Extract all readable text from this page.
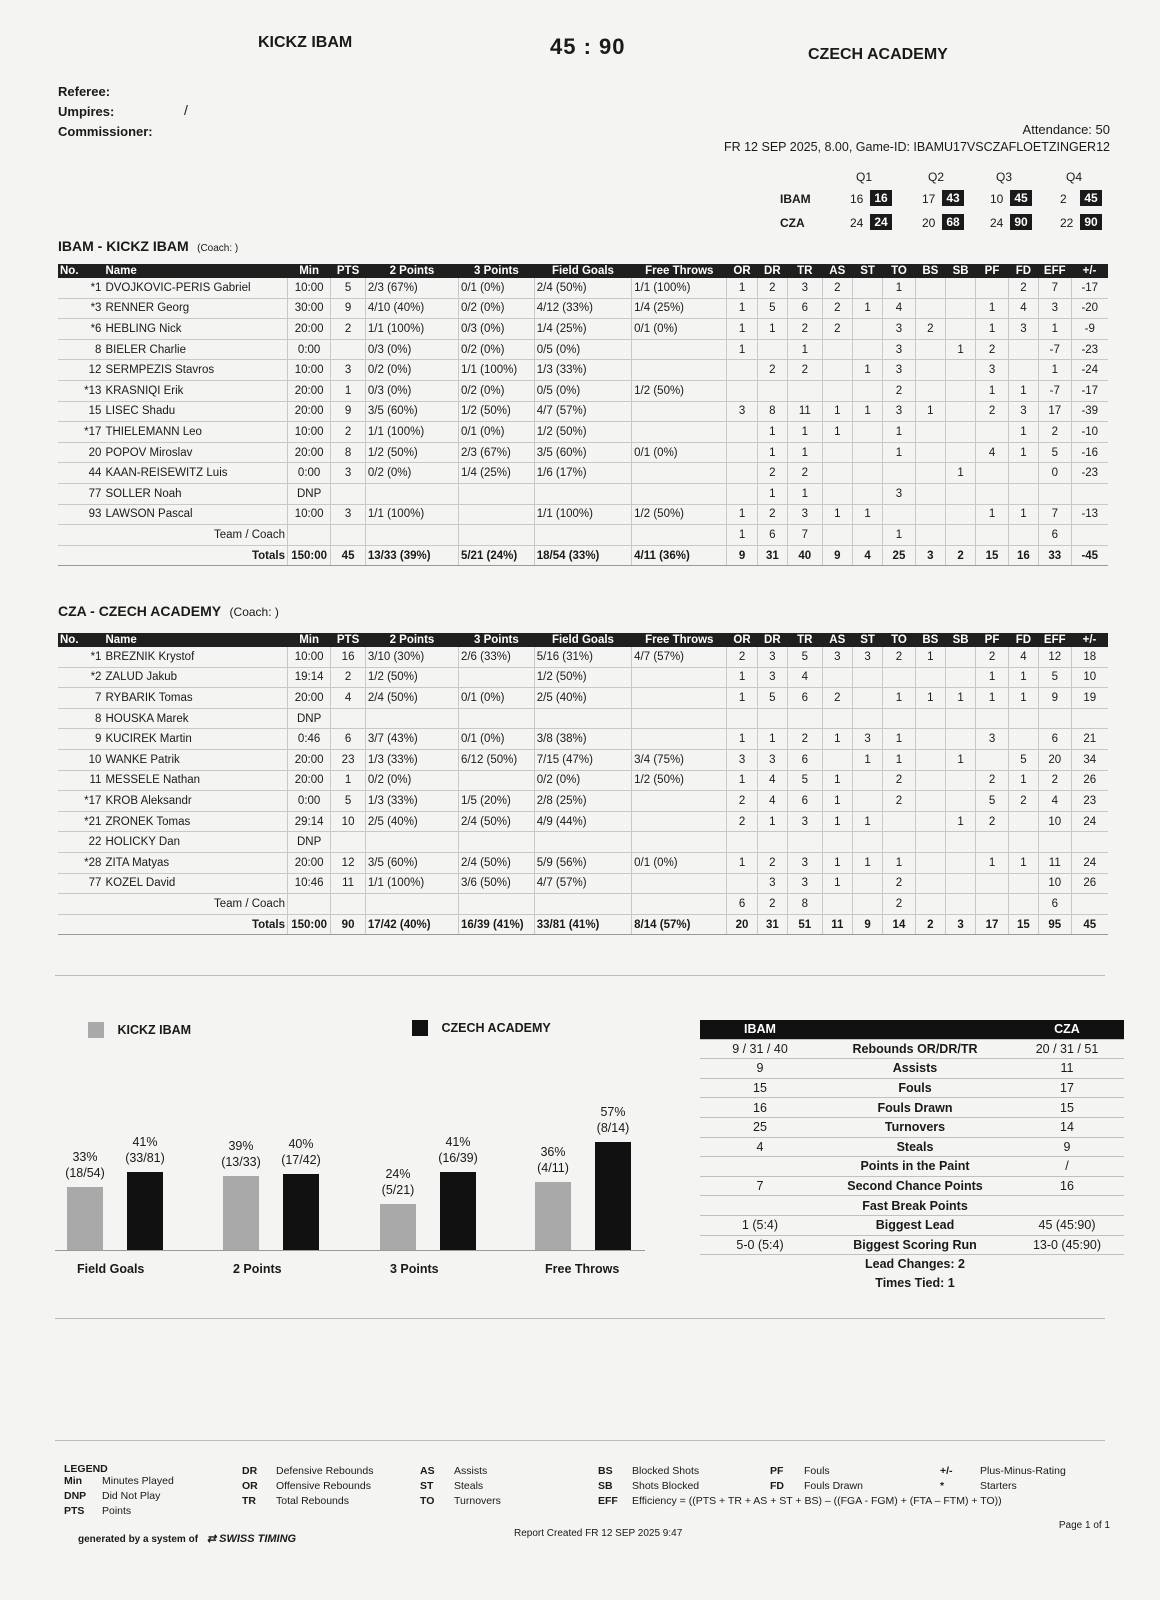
KICKZ IBAM	45 : 90	CZECH ACADEMY
Referee:
Umpires:	/
Commissioner:	Attendance: 50
FR 12 SEP 2025, 8.00, Game-ID: IBAMU17VSCZAFLOETZINGER12
Q1	Q2	Q3	Q4
IBAM	16 16	17 43	10 45	2	45
CZA	24 24	20 68	24 90	22 90
IBAM - KICKZ IBAM (Coach: )
No.	Name	Min	PTS	2 Points	3 Points	Field Goals	Free Throws	OR	DR	TR	AS	ST	TO	BS	SB	PF	FD	EFF	+/-
*1	DVOJKOVIC-PERIS Gabriel	10:00	5	2/3 (67%)	0/1 (0%)	2/4 (50%)	1/1 (100%)	1	2	3	2		1				2	7	-17
*3	RENNER Georg	30:00	9	4/10 (40%)	0/2 (0%)	4/12 (33%)	1/4 (25%)	1	5	6	2	1	4			1	4	3	-20
*6	HEBLING Nick	20:00	2	1/1 (100%)	0/3 (0%)	1/4 (25%)	0/1 (0%)	1	1	2	2		3	2		1	3	1	-9
8	BIELER Charlie	0:00		0/3 (0%)	0/2 (0%)	0/5 (0%)		1		1			3		1	2		-7	-23
12	SERMPEZIS Stavros	10:00	3	0/2 (0%)	1/1 (100%)	1/3 (33%)			2	2		1	3			3		1	-24
*13	KRASNIQI Erik	20:00	1	0/3 (0%)	0/2 (0%)	0/5 (0%)	1/2 (50%)						2			1	1	-7	-17
15	LISEC Shadu	20:00	9	3/5 (60%)	1/2 (50%)	4/7 (57%)		3	8	11	1	1	3	1		2	3	17	-39
*17	THIELEMANN Leo	10:00	2	1/1 (100%)	0/1 (0%)	1/2 (50%)			1	1	1		1				1	2	-10
20	POPOV Miroslav	20:00	8	1/2 (50%)	2/3 (67%)	3/5 (60%)	0/1 (0%)		1	1			1			4	1	5	-16
44	KAAN-REISEWITZ Luis	0:00	3	0/2 (0%)	1/4 (25%)	1/6 (17%)			2	2					1			0	-23
77	SOLLER Noah	DNP							1	1			3						
93	LAWSON Pascal	10:00	3	1/1 (100%)		1/1 (100%)	1/2 (50%)	1	2	3	1	1				1	1	7	-13
	Team / Coach							1	6	7			1					6	
	Totals	150:00	45	13/33 (39%)	5/21 (24%)	18/54 (33%)	4/11 (36%)	9	31	40	9	4	25	3	2	15	16	33	-45
CZA - CZECH ACADEMY (Coach: )
No.	Name	Min	PTS	2 Points	3 Points	Field Goals	Free Throws	OR	DR	TR	AS	ST	TO	BS	SB	PF	FD	EFF	+/-
*1	BREZNIK Krystof	10:00	16	3/10 (30%)	2/6 (33%)	5/16 (31%)	4/7 (57%)	2	3	5	3	3	2	1		2	4	12	18
*2	ZALUD Jakub	19:14	2	1/2 (50%)		1/2 (50%)		1	3	4						1	1	5	10
7	RYBARIK Tomas	20:00	4	2/4 (50%)	0/1 (0%)	2/5 (40%)		1	5	6	2		1	1	1	1	1	9	19
8	HOUSKA Marek	DNP																	
9	KUCIREK Martin	0:46	6	3/7 (43%)	0/1 (0%)	3/8 (38%)		1	1	2	1	3	1			3		6	21
10	WANKE Patrik	20:00	23	1/3 (33%)	6/12 (50%)	7/15 (47%)	3/4 (75%)	3	3	6		1	1		1		5	20	34
11	MESSELE Nathan	20:00	1	0/2 (0%)		0/2 (0%)	1/2 (50%)	1	4	5	1		2			2	1	2	26
*17	KROB Aleksandr	0:00	5	1/3 (33%)	1/5 (20%)	2/8 (25%)		2	4	6	1		2			5	2	4	23
*21	ZRONEK Tomas	29:14	10	2/5 (40%)	2/4 (50%)	4/9 (44%)		2	1	3	1	1			1	2		10	24
22	HOLICKY Dan	DNP																	
*28	ZITA Matyas	20:00	12	3/5 (60%)	2/4 (50%)	5/9 (56%)	0/1 (0%)	1	2	3	1	1	1			1	1	11	24
77	KOZEL David	10:46	11	1/1 (100%)	3/6 (50%)	4/7 (57%)			3	3	1		2					10	26
	Team / Coach							6	2	8			2					6	
	Totals	150:00	90	17/42 (40%)	16/39 (41%)	33/81 (41%)	8/14 (57%)	20	31	51	11	9	14	2	3	17	15	95	45
KICKZ IBAM	CZECH ACADEMY
33%
(18/54)
41%
(33/81)
Field Goals
39%
(13/33)
40%
(17/42)
2 Points
24%
(5/21)
41%
(16/39)
3 Points
36%
(4/11)
57%
(8/14)
Free Throws
IBAM		CZA
9 / 31 / 40	Rebounds OR/DR/TR	20 / 31 / 51
9	Assists	11
15	Fouls	17
16	Fouls Drawn	15
25	Turnovers	14
4	Steals	9
	Points in the Paint	/
7	Second Chance Points	16
	Fast Break Points	
1 (5:4)	Biggest Lead	45 (45:90)
5-0 (5:4)	Biggest Scoring Run	13-0 (45:90)
	Lead Changes: 2	
	Times Tied: 1	
LEGEND
Min Minutes Played
DNP Did Not Play
PTS Points
DR Defensive Rebounds
OR Offensive Rebounds
TR Total Rebounds
AS Assists
ST Steals
TO Turnovers
BS Blocked Shots
SB Shots Blocked
EFF Efficiency = ((PTS + TR + AS + ST + BS) – ((FGA - FGM) + (FTA – FTM) + TO))
PF Fouls
FD Fouls Drawn
+/-	Plus-Minus-Rating
*	Starters
generated by a system of ⇄ SWISS TIMING	Report Created FR 12 SEP 2025 9:47
Page 1 of 1
